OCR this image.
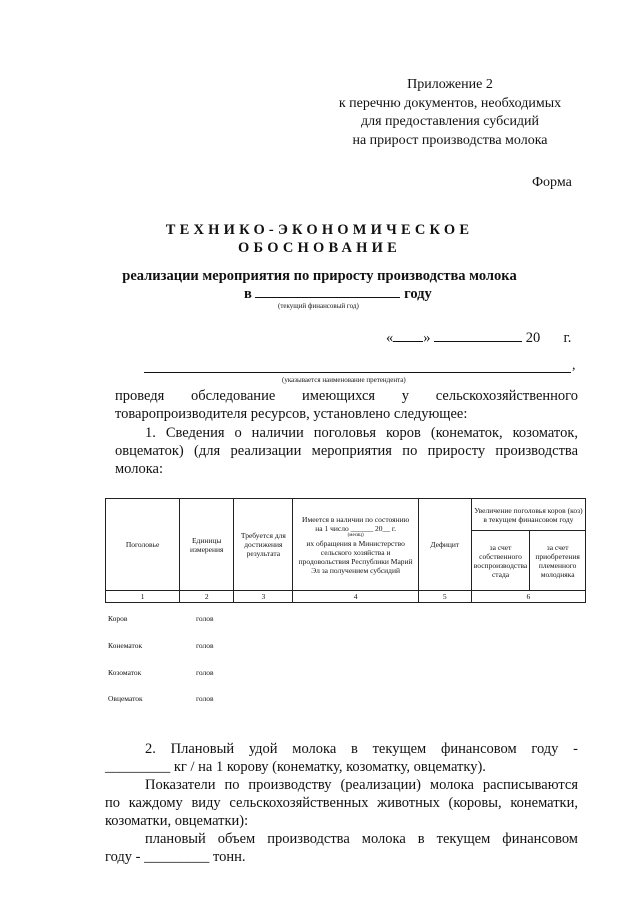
Приложение 2
к перечню документов, необходимых
для предоставления субсидий
на прирост производства молока
Форма
ТЕХНИКО-ЭКОНОМИЧЕСКОЕ
ОБОСНОВАНИЕ
реализации мероприятия по приросту производства молока
в	году
(текущий финансовый год)
« »	20 г.
,
(указывается наименование претендента)
проведя обследование имеющихся у сельскохозяйственного
товаропроизводителя ресурсов, установлено следующее:
1. Сведения о наличии поголовья коров (конематок, козоматок,
овцематок) (для реализации мероприятия по приросту производства
молока:
Поголовье	Единицы измерения	Требуется для достижения результата	Имеется в наличии по состоянию
на 1 число ______ 20__ г.
(месяц)
их обращения в Министерство сельского хозяйства и продовольствия Республики Марий Эл за получением субсидий	Дефицит	Увеличение поголовья коров (коз) в текущем финансовом году	
					за счет собственного воспроизводства стада	за счет приобретения племенного молодняка
1	2	3	4	5	6	
Коров	голов
Конематок	голов
Козоматок	голов
Овцематок	голов
2. Плановый удой молока в текущем финансовом году -
_________ кг / на 1 корову (конематку, козоматку, овцематку).
Показатели по производству (реализации) молока расписываются
по каждому виду сельскохозяйственных животных (коровы, конематки,
козоматки, овцематки):
плановый объем производства молока в текущем финансовом
году - _________ тонн.
